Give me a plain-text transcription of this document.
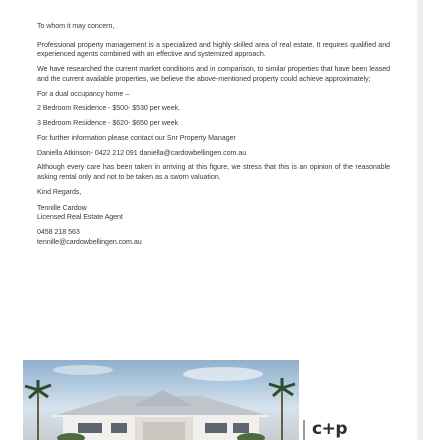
To whom it may concern,

Professional property management is a specialized and highly skilled area of real estate. It requires qualified and experienced agents combined with an effective and systemized approach.

We have researched the current market conditions and in comparison, to similar properties that have been leased and the current available properties, we believe the above-mentioned property could achieve approximately;

For a dual occupancy home –

2 Bedroom Residence - $500- $530 per week.

3 Bedroom Residence - $620- $650 per week

For further information please contact our Snr Property Manager

Daniella Atkinson- 0422 212 091 daniella@cardowbellingen.com.au

Although every care has been taken in arriving at this figure, we stress that this is an opinion of the reasonable asking rental only and not to be taken as a sworn valuation.

Kind Regards,

Tennille Cardow

Licensed Real Estate Agent

0458 218 563

tennille@cardowbellingen.com.au

c+p
